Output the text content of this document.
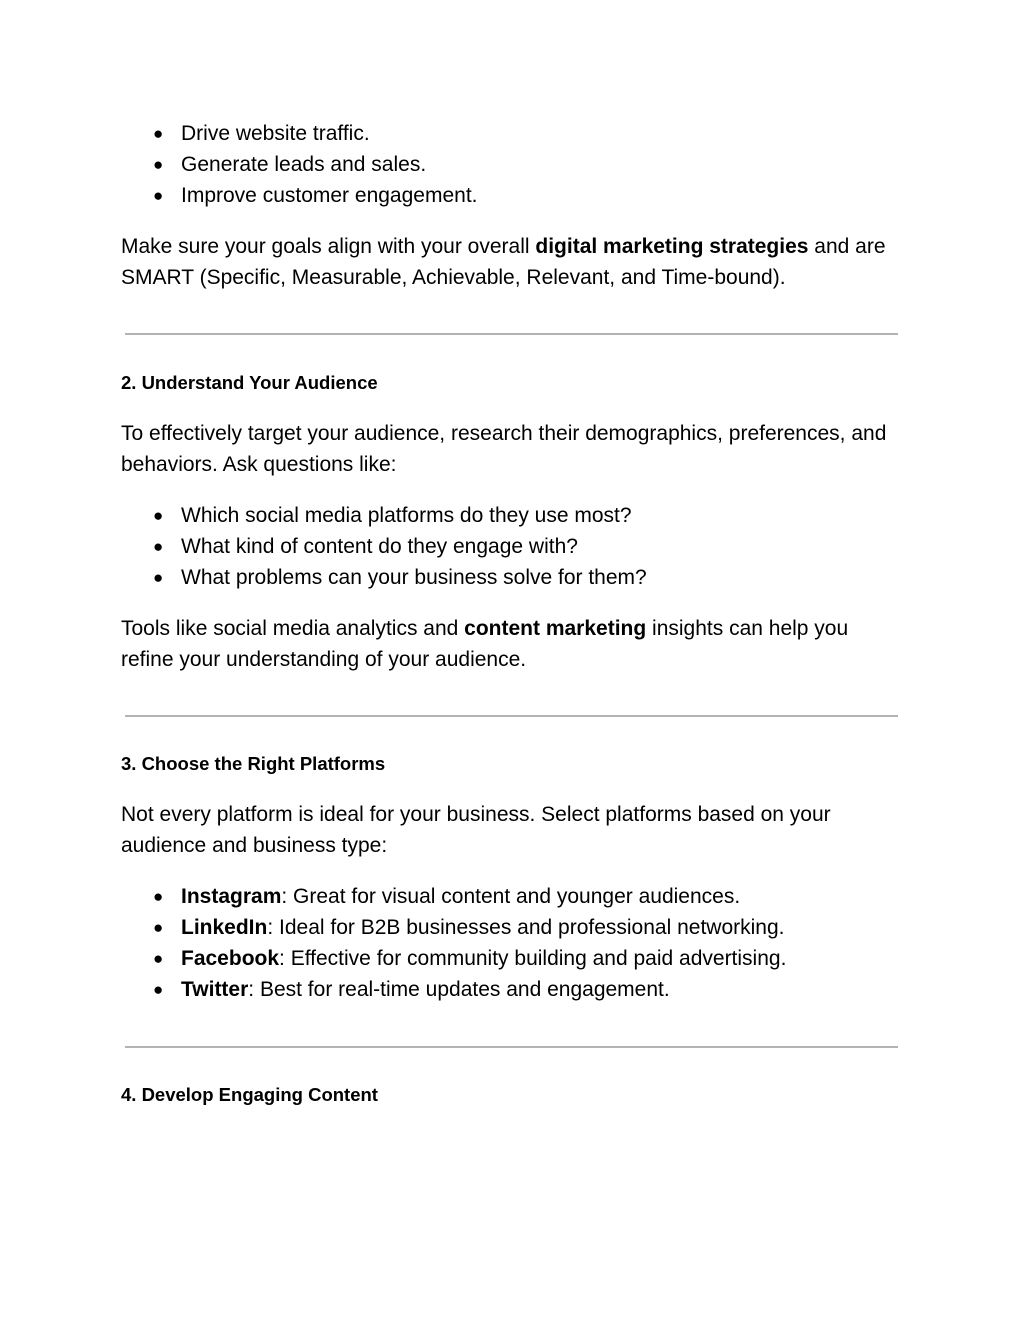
● Drive website traffic.
● Generate leads and sales.
● Improve customer engagement.

Make sure your goals align with your overall digital marketing strategies and are SMART (Specific, Measurable, Achievable, Relevant, and Time-bound).

2. Understand Your Audience

To effectively target your audience, research their demographics, preferences, and behaviors. Ask questions like:

● Which social media platforms do they use most?
● What kind of content do they engage with?
● What problems can your business solve for them?

Tools like social media analytics and content marketing insights can help you refine your understanding of your audience.

3. Choose the Right Platforms

Not every platform is ideal for your business. Select platforms based on your audience and business type:

● Instagram: Great for visual content and younger audiences.
● LinkedIn: Ideal for B2B businesses and professional networking.
● Facebook: Effective for community building and paid advertising.
● Twitter: Best for real-time updates and engagement.
4. Develop Engaging Content
